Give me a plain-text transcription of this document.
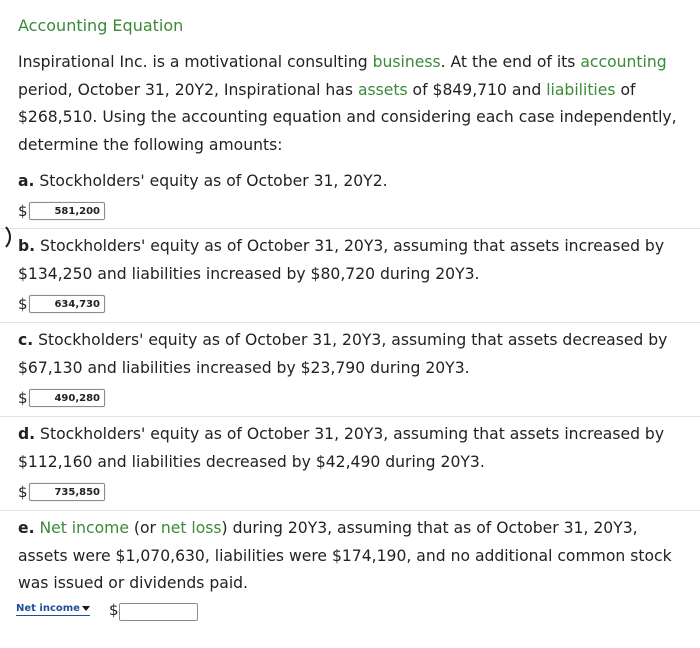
Accounting Equation
Inspirational Inc. is a motivational consulting business. At the end of its accounting period, October 31, 20Y2, Inspirational has assets of $849,710 and liabilities of $268,510. Using the accounting equation and considering each case independently, determine the following amounts:
a. Stockholders' equity as of October 31, 20Y2.
$	581,200
b. Stockholders' equity as of October 31, 20Y3, assuming that assets increased by $134,250 and liabilities increased by $80,720 during 20Y3.
$	634,730
c. Stockholders' equity as of October 31, 20Y3, assuming that assets decreased by $67,130 and liabilities increased by $23,790 during 20Y3.
$	490,280
d. Stockholders' equity as of October 31, 20Y3, assuming that assets increased by $112,160 and liabilities decreased by $42,490 during 20Y3.
$	735,850
e. Net income (or net loss) during 20Y3, assuming that as of October 31, 20Y3, assets were $1,070,630, liabilities were $174,190, and no additional common stock was issued or dividends paid.
Net income $
